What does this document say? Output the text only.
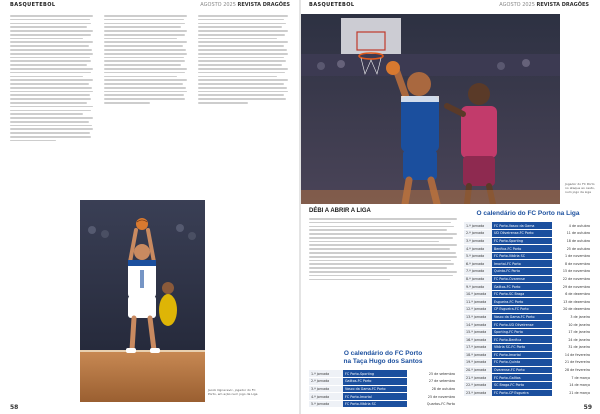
BASQUETEBOL	AGOSTO 2025 REVISTA DRAGÕES
Jacob Ognacevic, jogador do FC Porto, em ação num jogo da Liga
58
BASQUETEBOL	AGOSTO 2025 REVISTA DRAGÕES
Jogador do FC Porto no ataque ao cesto, num jogo da Liga
DÉBI A ABRIR A LIGA
O calendário do FC Porto
na Taça Hugo dos Santos
1.ª jornada	FC Porto-Sporting	25 de setembro
2.ª jornada	Galitos-FC Porto	27 de setembro
3.ª jornada	Vasco da Gama-FC Porto	28 de outubro
4.ª jornada	FC Porto-Imortal	25 de novembro
5.ª jornada	FC Porto-Vitória SC	Quartos-FC Porto
O calendário do FC Porto na Liga
1.ª jornada	FC Porto-Vasco da Gama	4 de outubro
2.ª jornada	UD Oliveirense-FC Porto	11 de outubro
3.ª jornada	FC Porto-Sporting	18 de outubro
4.ª jornada	Benfica-FC Porto	25 de outubro
5.ª jornada	FC Porto-Vitória SC	1 de novembro
6.ª jornada	Imortal-FC Porto	8 de novembro
7.ª jornada	Quinta-FC Porto	15 de novembro
8.ª jornada	FC Porto-Ovarense	22 de novembro
9.ª jornada	Galitos-FC Porto	29 de novembro
10.ª jornada	FC Porto-SC Braga	6 de dezembro
11.ª jornada	Esgueira-FC Porto	13 de dezembro
12.ª jornada	CP Esgueira-FC Porto	20 de dezembro
13.ª jornada	Vasco da Gama-FC Porto	3 de janeiro
14.ª jornada	FC Porto-UD Oliveirense	10 de janeiro
15.ª jornada	Sporting-FC Porto	17 de janeiro
16.ª jornada	FC Porto-Benfica	24 de janeiro
17.ª jornada	Vitória SC-FC Porto	31 de janeiro
18.ª jornada	FC Porto-Imortal	14 de fevereiro
19.ª jornada	FC Porto-Quinta	21 de fevereiro
20.ª jornada	Ovarense-FC Porto	28 de fevereiro
21.ª jornada	FC Porto-Galitos	7 de março
22.ª jornada	SC Braga-FC Porto	14 de março
23.ª jornada	FC Porto-CP Esgueira	21 de março
59
